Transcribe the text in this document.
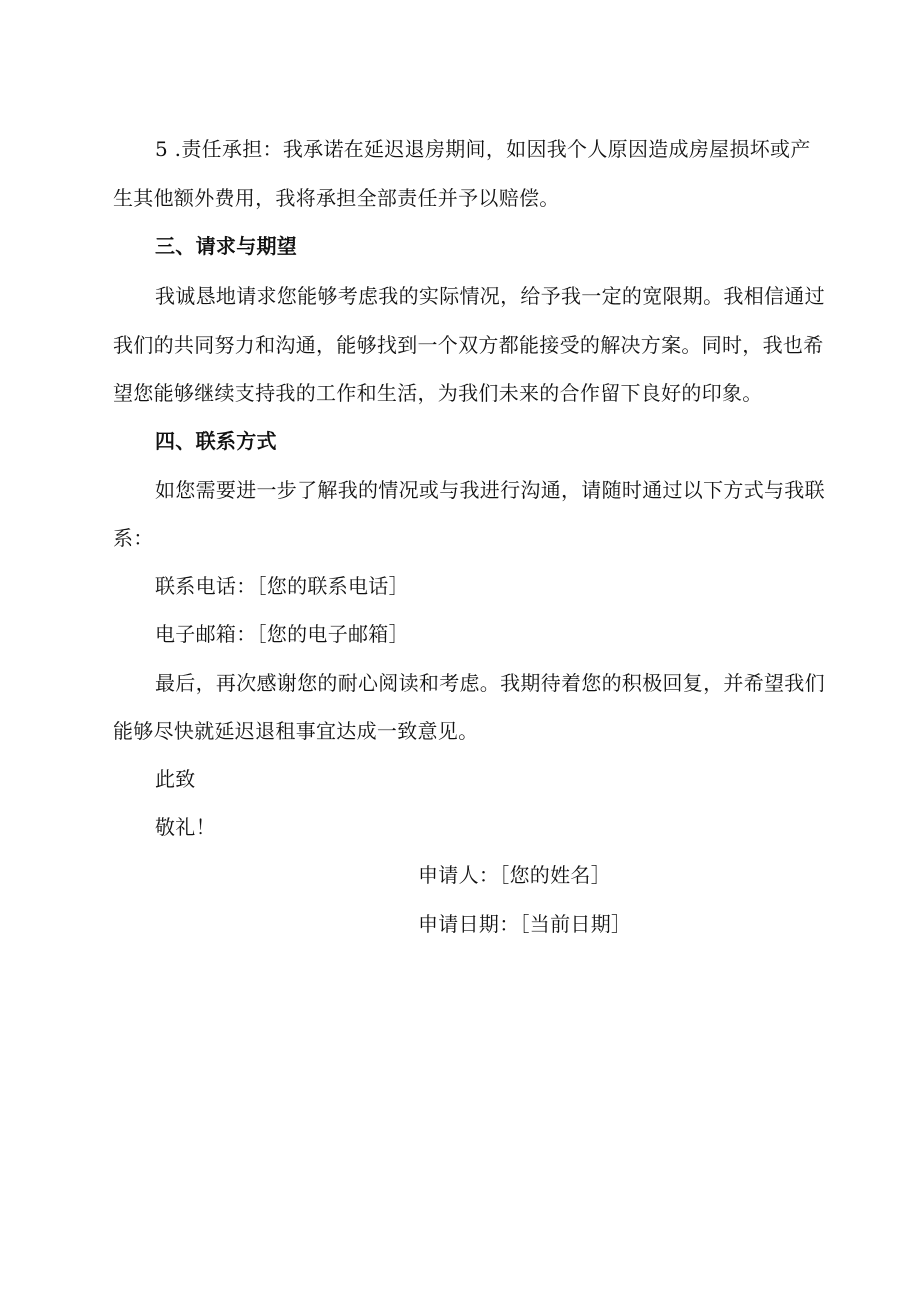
5 .责任承担：我承诺在延迟退房期间，如因我个人原因造成房屋损坏或产
生其他额外费用，我将承担全部责任并予以赔偿。
三、请求与期望
我诚恳地请求您能够考虑我的实际情况，给予我一定的宽限期。我相信通过
我们的共同努力和沟通，能够找到一个双方都能接受的解决方案。同时，我也希
望您能够继续支持我的工作和生活，为我们未来的合作留下良好的印象。
四、联系方式
如您需要进一步了解我的情况或与我进行沟通，请随时通过以下方式与我联
系：
联系电话：［您的联系电话］
电子邮箱：［您的电子邮箱］
最后，再次感谢您的耐心阅读和考虑。我期待着您的积极回复，并希望我们
能够尽快就延迟退租事宜达成一致意见。
此致
敬礼！
申请人：［您的姓名］
申请日期：［当前日期］
